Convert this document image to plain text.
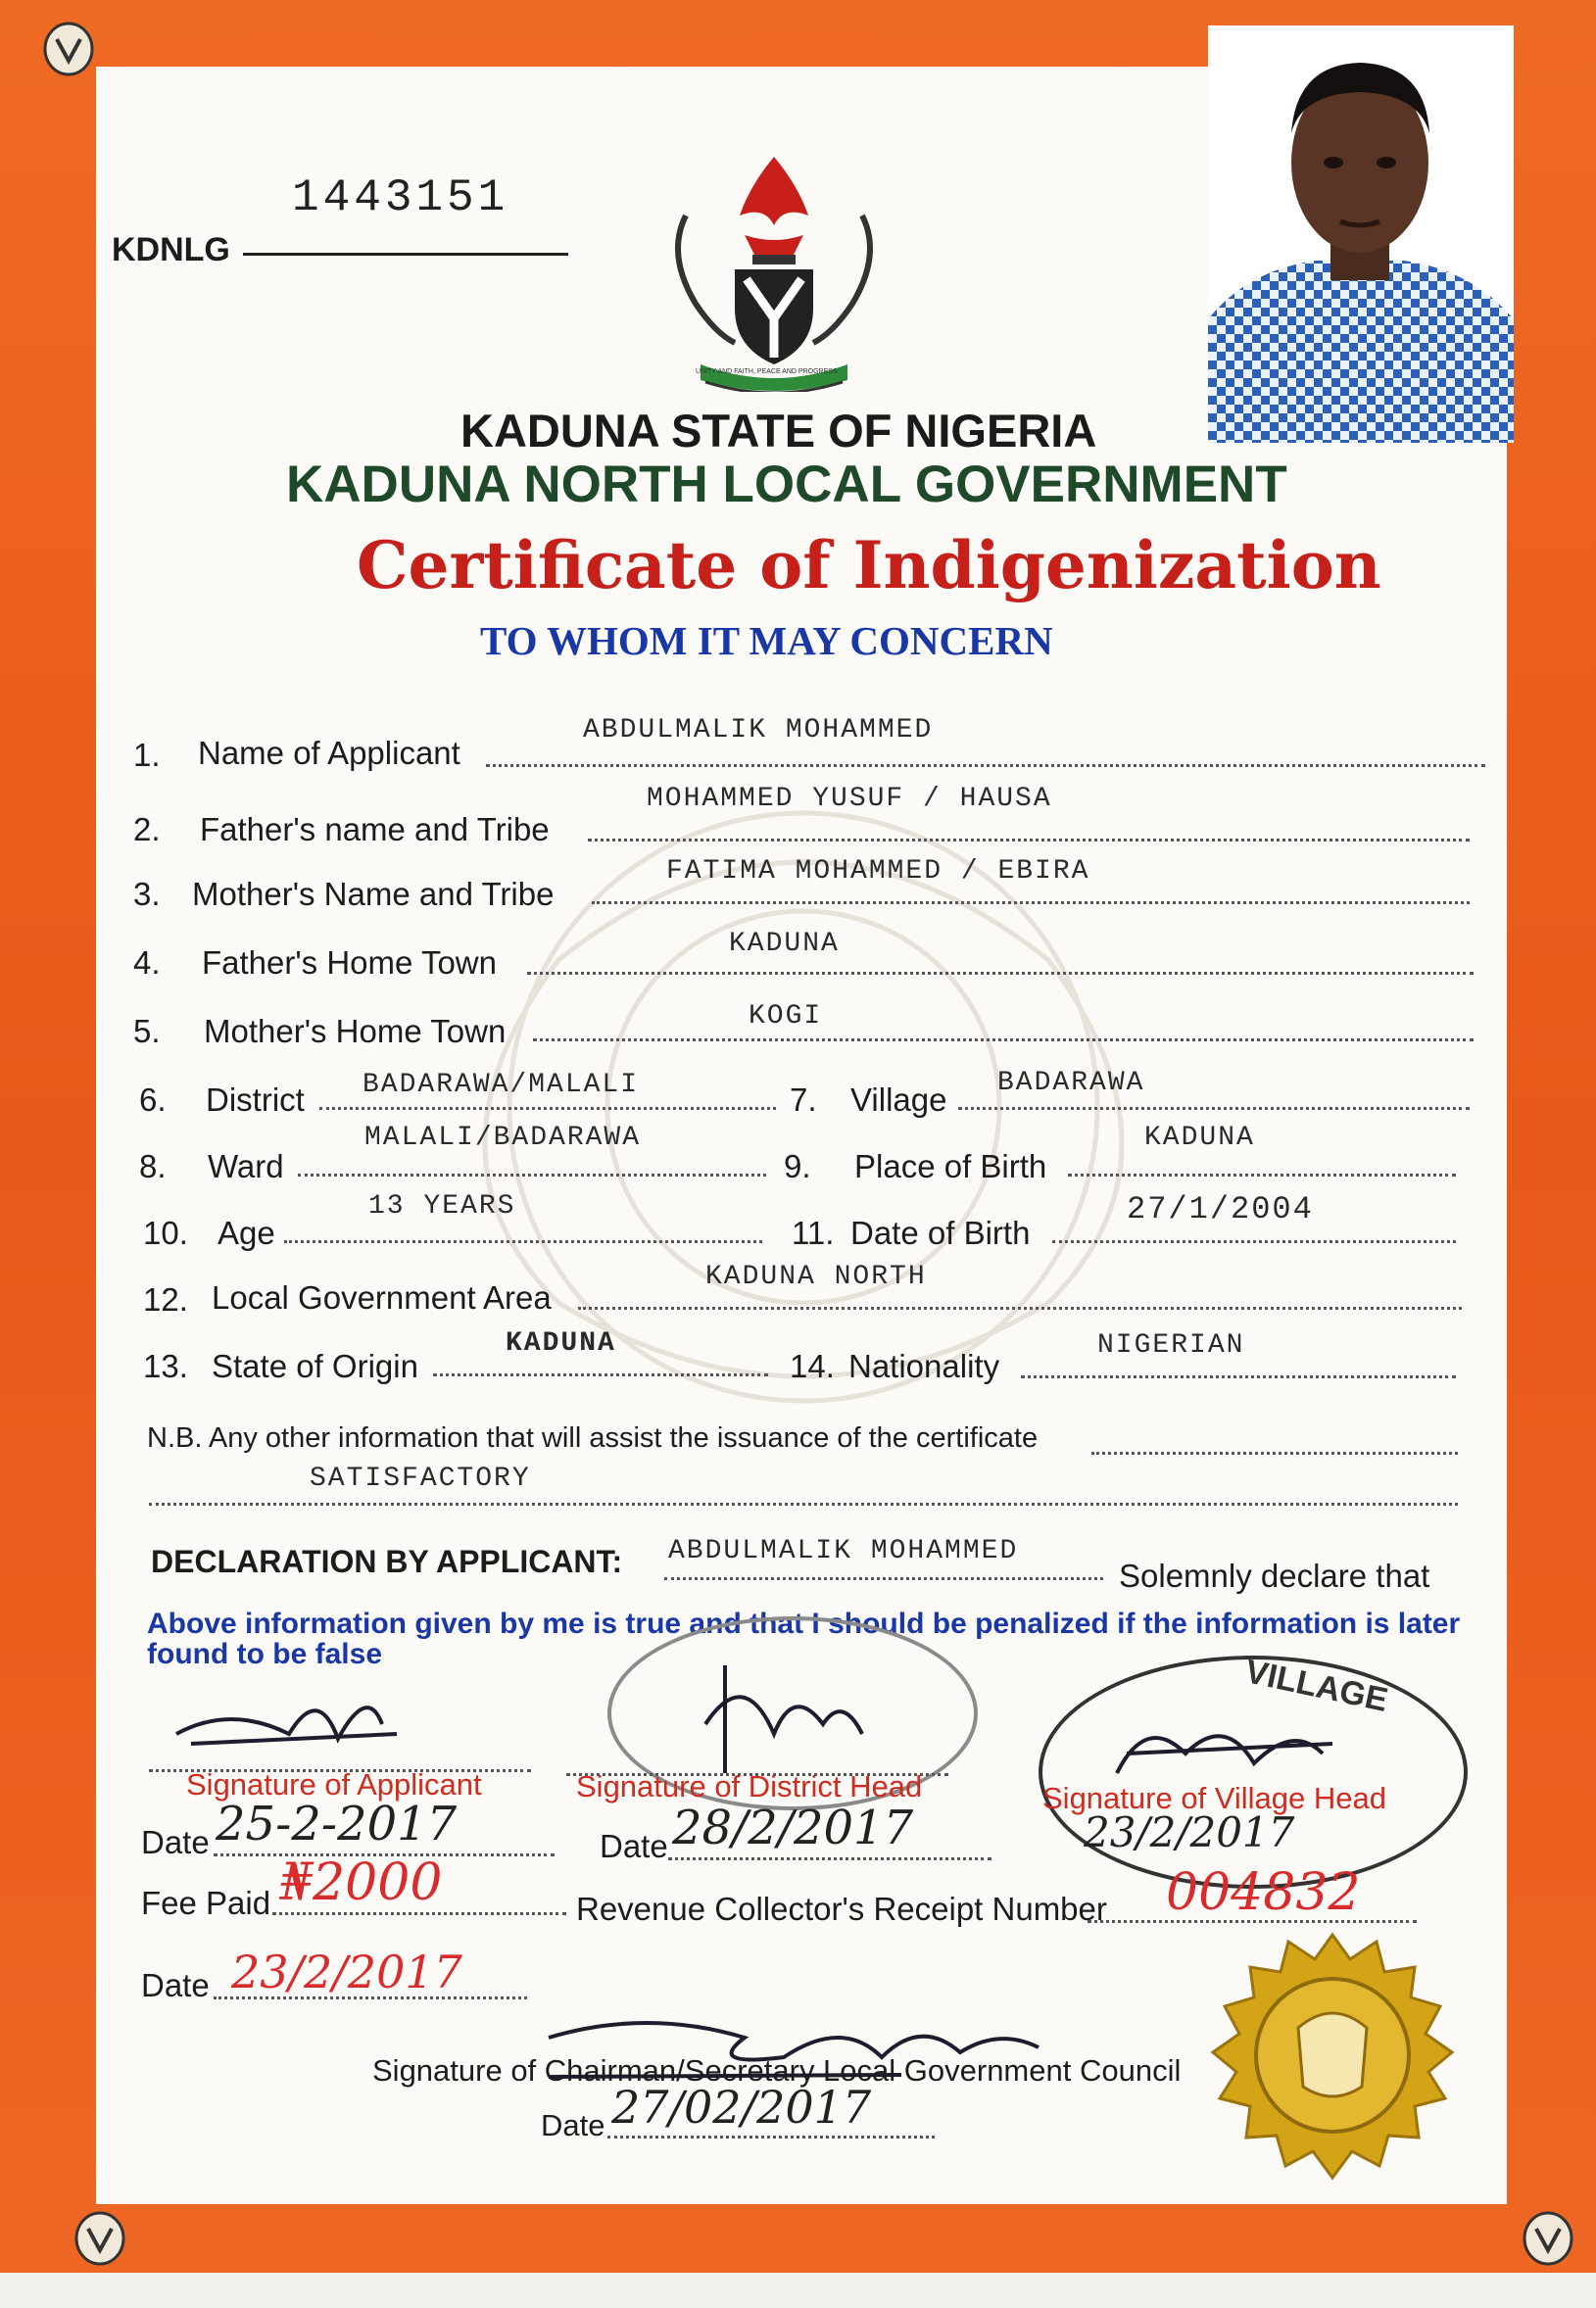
UNITY AND FAITH, PEACE AND PROGRESS
1443151
KDNLG
KADUNA STATE OF NIGERIA
KADUNA NORTH LOCAL GOVERNMENT
Certificate of Indigenization
TO WHOM IT MAY CONCERN
1. Name of Applicant
ABDULMALIK MOHAMMED
2. Father's name and Tribe
MOHAMMED YUSUF / HAUSA
3. Mother's Name and Tribe
FATIMA MOHAMMED / EBIRA
4. Father's Home Town
KADUNA
5. Mother's Home Town	KOGI
6. District BADARAWA/MALALI	7. Village BADARAWA
8. Ward
MALALI/BADARAWA
9. Place of Birth
KADUNA
10. Age
13 YEARS
11. Date of Birth
27/1/2004
12. Local Government Area
KADUNA NORTH
13. State of Origin
KADUNA
14. Nationality
NIGERIAN
N.B. Any other information that will assist the issuance of the certificate
SATISFACTORY
DECLARATION BY APPLICANT: ABDULMALIK MOHAMMED
Solemnly declare that
Above information given by me is true and that I should be penalized if the information is later found to be false	VILLAGE
Signature of Applicant	Signature of District Head	Signature of Village Head
Date 25-2-2017	Date 28/2/2017	23/2/2017
Fee Paid ₦2000	Revenue Collector's Receipt Number 004832
Date 23/2/2017
Signature of Chairman/Secretary Local Government Council
Date 27/02/2017
